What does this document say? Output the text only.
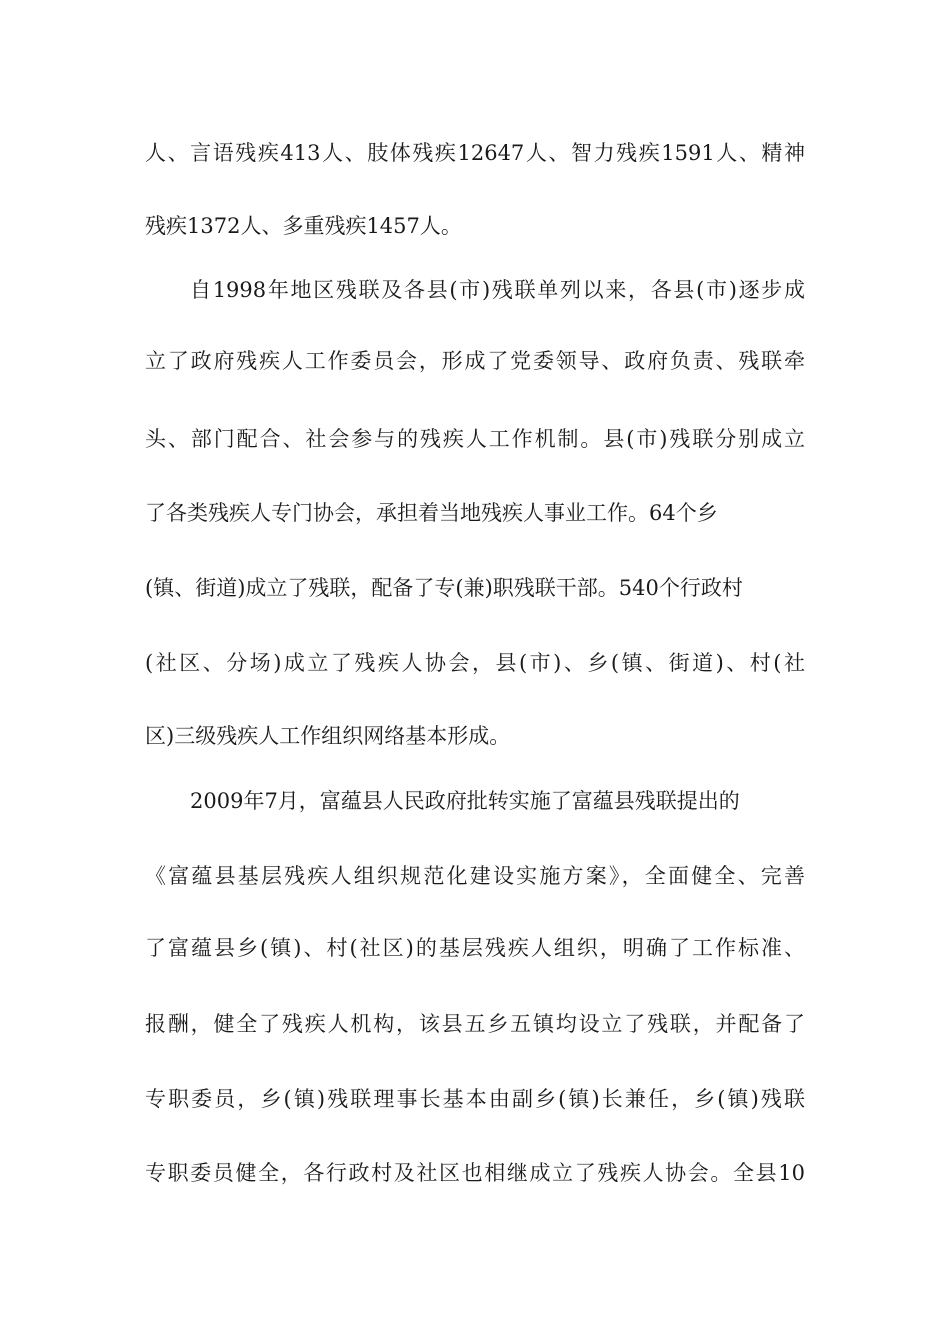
人、言语残疾413人、肢体残疾12647人、智力残疾1591人、精神
残疾1372人、多重残疾1457人。
自1998年地区残联及各县(市)残联单列以来，各县(市)逐步成
立了政府残疾人工作委员会，形成了党委领导、政府负责、残联牵
头、部门配合、社会参与的残疾人工作机制。县(市)残联分别成立
了各类残疾人专门协会，承担着当地残疾人事业工作。64个乡
(镇、街道)成立了残联，配备了专(兼)职残联干部。540个行政村
(社区、分场)成立了残疾人协会，县(市)、乡(镇、街道)、村(社
区)三级残疾人工作组织网络基本形成。
2009年7月，富蕴县人民政府批转实施了富蕴县残联提出的
《富蕴县基层残疾人组织规范化建设实施方案》，全面健全、完善
了富蕴县乡(镇)、村(社区)的基层残疾人组织，明确了工作标准、
报酬，健全了残疾人机构，该县五乡五镇均设立了残联，并配备了
专职委员，乡(镇)残联理事长基本由副乡(镇)长兼任，乡(镇)残联
专职委员健全，各行政村及社区也相继成立了残疾人协会。全县10
